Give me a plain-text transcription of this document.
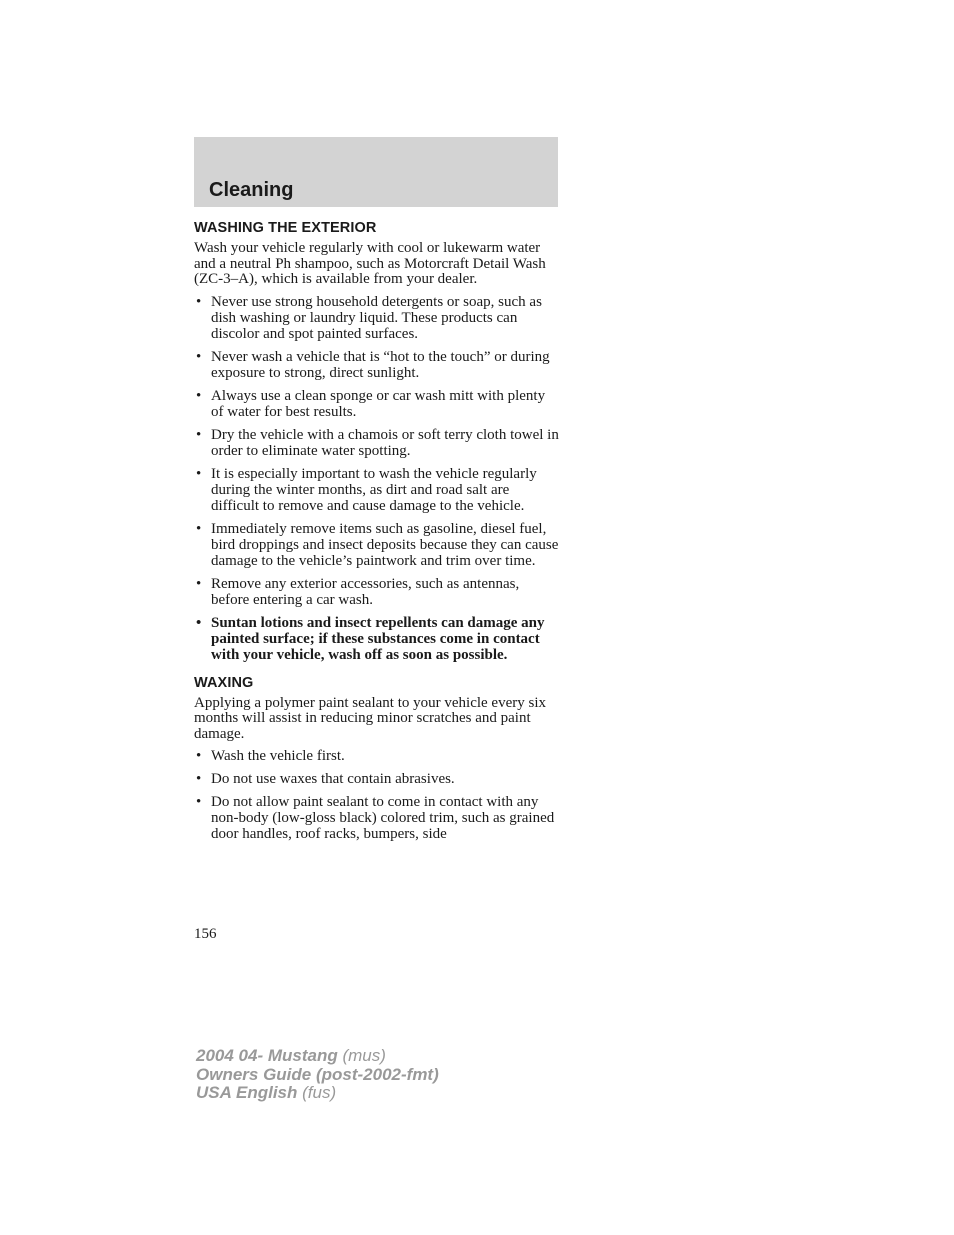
Cleaning
WASHING THE EXTERIOR

Wash your vehicle regularly with cool or lukewarm water and a neutral Ph shampoo, such as Motorcraft Detail Wash (ZC-3–A), which is available from your dealer.

• Never use strong household detergents or soap, such as dish washing or laundry liquid. These products can discolor and spot painted surfaces.
• Never wash a vehicle that is “hot to the touch” or during exposure to strong, direct sunlight.
• Always use a clean sponge or car wash mitt with plenty of water for best results.
• Dry the vehicle with a chamois or soft terry cloth towel in order to eliminate water spotting.
• It is especially important to wash the vehicle regularly during the winter months, as dirt and road salt are difficult to remove and cause damage to the vehicle.
• Immediately remove items such as gasoline, diesel fuel, bird droppings and insect deposits because they can cause damage to the vehicle’s paintwork and trim over time.
• Remove any exterior accessories, such as antennas, before entering a car wash.
• Suntan lotions and insect repellents can damage any painted surface; if these substances come in contact with your vehicle, wash off as soon as possible.
WAXING

Applying a polymer paint sealant to your vehicle every six months will assist in reducing minor scratches and paint damage.

• Wash the vehicle first.
• Do not use waxes that contain abrasives.
• Do not allow paint sealant to come in contact with any non-body (low-gloss black) colored trim, such as grained door handles, roof racks, bumpers, side
156
2004 04- Mustang (mus)
Owners Guide (post-2002-fmt)
USA English (fus)
